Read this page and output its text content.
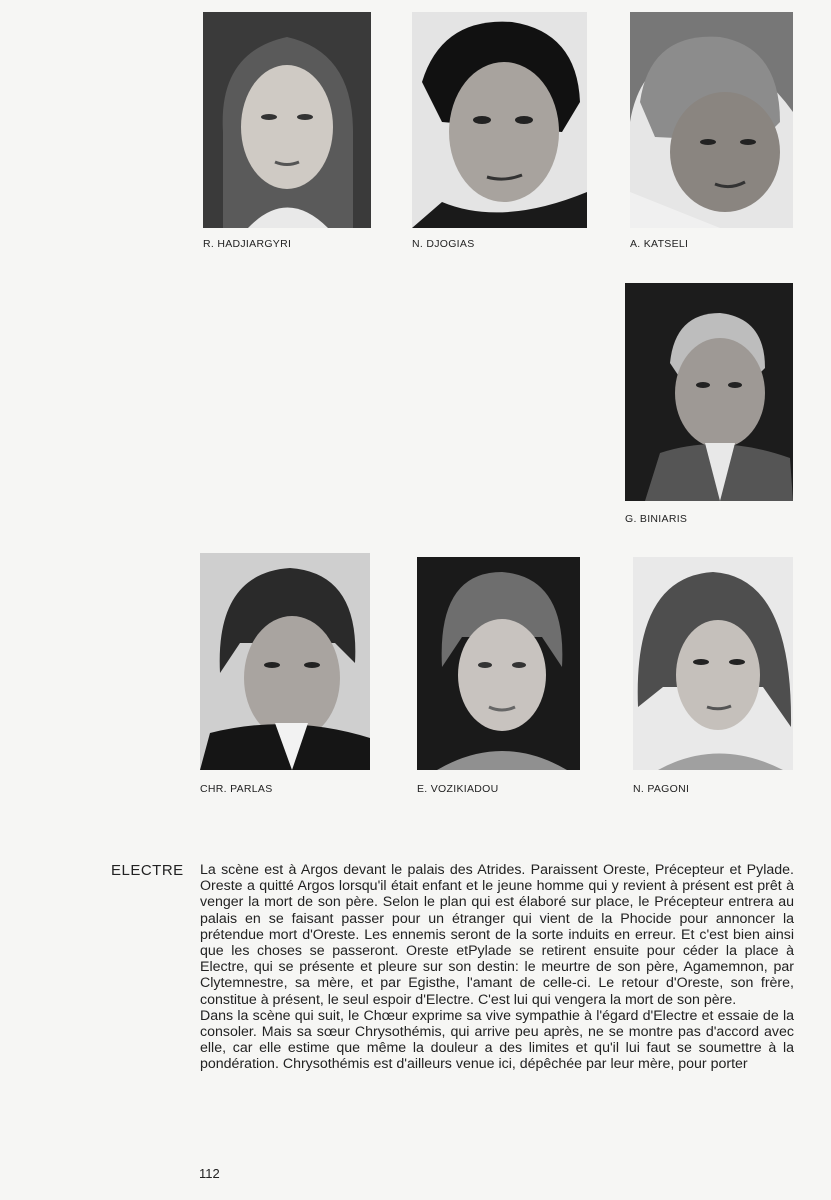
R. HADJIARGYRI	N. DJOGIAS	A. KATSELI
G. BINIARIS
CHR. PARLAS	E. VOZIKIADOU	N. PAGONI
ELECTRE La scène est à Argos devant le palais des Atrides. Paraissent Oreste, Précepteur et Pylade. Oreste a quitté Argos lorsqu'il était enfant et le jeune homme qui y revient à présent est prêt à venger la mort de son père. Selon le plan qui est élaboré sur place, le Précepteur entrera au palais en se faisant passer pour un étranger qui vient de la Phocide pour annoncer la prétendue mort d'Oreste. Les ennemis seront de la sorte induits en erreur. Et c'est bien ainsi que les choses se passeront. Oreste etPylade se retirent ensuite pour céder la place à Electre, qui se présente et pleure sur son destin: le meurtre de son père, Agamemnon, par Clytemnestre, sa mère, et par Egisthe, l'amant de celle-ci. Le retour d'Oreste, son frère, constitue à présent, le seul espoir d'Electre. C'est lui qui vengera la mort de son père.

Dans la scène qui suit, le Chœur exprime sa vive sympathie à l'égard d'Electre et essaie de la consoler. Mais sa sœur Chrysothémis, qui arrive peu après, ne se montre pas d'accord avec elle, car elle estime que même la douleur a des limites et qu'il lui faut se soumettre à la pondération. Chrysothémis est d'ailleurs venue ici, dépêchée par leur mère, pour porter

112
